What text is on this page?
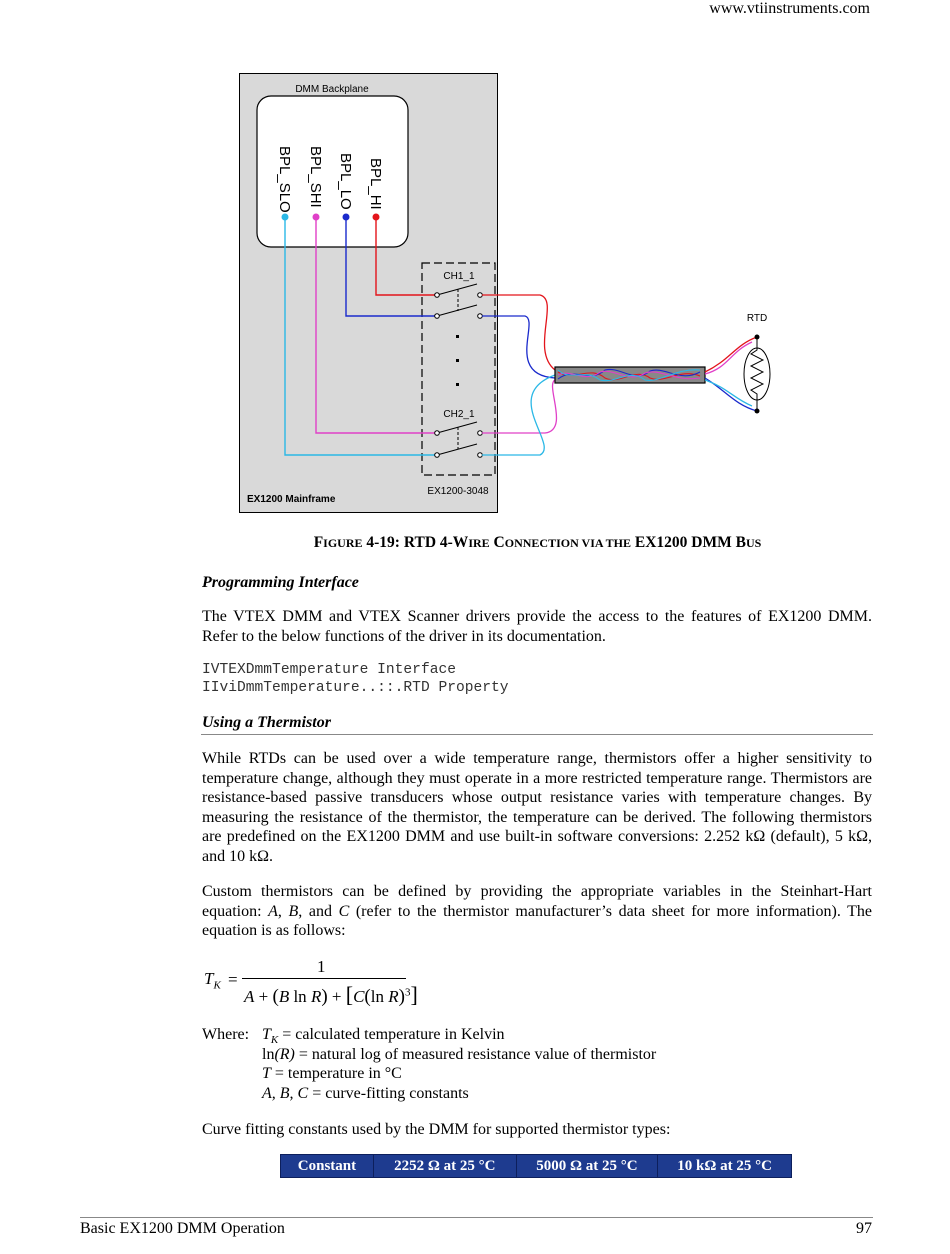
www.vtiinstruments.com
DMM Backplane
BPL_SLO BPL_SHI BPL_LO BPL_HI
CH1_1
CH2_1
EX1200-3048
EX1200 Mainframe
RTD
FIGURE 4-19: RTD 4-WIRE CONNECTION VIA THE EX1200 DMM BUS
Programming Interface
The VTEX DMM and VTEX Scanner drivers provide the access to the features of EX1200 DMM. Refer to the below functions of the driver in its documentation.
IVTEXDmmTemperature Interface
IIviDmmTemperature..::.RTD Property
Using a Thermistor
While RTDs can be used over a wide temperature range, thermistors offer a higher sensitivity to temperature change, although they must operate in a more restricted temperature range. Thermistors are resistance-based passive transducers whose output resistance varies with temperature changes. By measuring the resistance of the thermistor, the temperature can be derived. The following thermistors are predefined on the EX1200 DMM and use built-in software conversions: 2.252 kΩ (default), 5 kΩ, and 10 kΩ.
Custom thermistors can be defined by providing the appropriate variables in the Steinhart-Hart equation: A, B, and C (refer to the thermistor manufacturer’s data sheet for more information). The equation is as follows:
$T_K$ =
1
A + (B ln R) + [C(ln R)$^3$]
Where: $T_K$ = calculated temperature in Kelvin
ln(R) = natural log of measured resistance value of thermistor
T = temperature in °C
A, B, C = curve-fitting constants
Curve fitting constants used by the DMM for supported thermistor types:
Constant	2252 Ω at 25 °C	5000 Ω at 25 °C	10 kΩ at 25 °C
Basic EX1200 DMM Operation	97
